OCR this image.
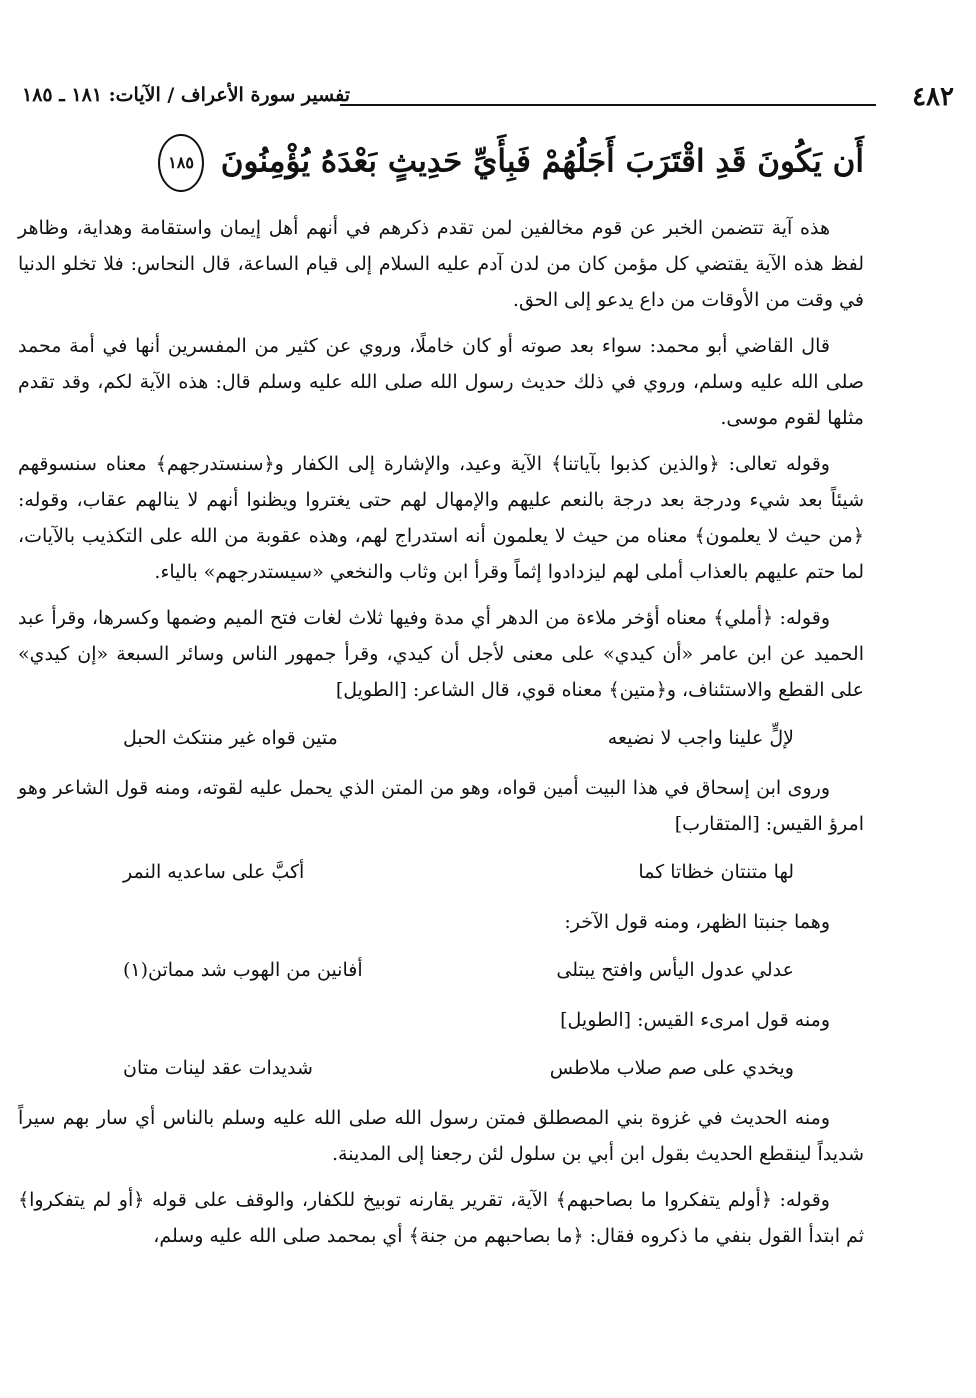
٤٨٢
تفسير سورة الأعراف / الآيات: ١٨١ ـ ١٨٥
أَن يَكُونَ قَدِ اقْتَرَبَ أَجَلُهُمْ فَبِأَيِّ حَدِيثٍ بَعْدَهُ يُؤْمِنُونَ ١٨٥

هذه آية تتضمن الخبر عن قوم مخالفين لمن تقدم ذكرهم في أنهم أهل إيمان واستقامة وهداية، وظاهر لفظ هذه الآية يقتضي كل مؤمن كان من لدن آدم عليه السلام إلى قيام الساعة، قال النحاس: فلا تخلو الدنيا في وقت من الأوقات من داع يدعو إلى الحق.

قال القاضي أبو محمد: سواء بعد صوته أو كان خاملًا، وروي عن كثير من المفسرين أنها في أمة محمد صلى الله عليه وسلم، وروي في ذلك حديث رسول الله صلى الله عليه وسلم قال: هذه الآية لكم، وقد تقدم مثلها لقوم موسى.

وقوله تعالى: ﴿والذين كذبوا بآياتنا﴾ الآية وعيد، والإشارة إلى الكفار و﴿سنستدرجهم﴾ معناه سنسوقهم شيئاً بعد شيء ودرجة بعد درجة بالنعم عليهم والإمهال لهم حتى يغتروا ويظنوا أنهم لا ينالهم عقاب، وقوله: ﴿من حيث لا يعلمون﴾ معناه من حيث لا يعلمون أنه استدراج لهم، وهذه عقوبة من الله على التكذيب بالآيات، لما حتم عليهم بالعذاب أملى لهم ليزدادوا إثماً وقرأ ابن وثاب والنخعي «سيستدرجهم» بالياء.

وقوله: ﴿أملي﴾ معناه أؤخر ملاءة من الدهر أي مدة وفيها ثلاث لغات فتح الميم وضمها وكسرها، وقرأ عبد الحميد عن ابن عامر «أن كيدي» على معنى لأجل أن كيدي، وقرأ جمهور الناس وسائر السبعة «إن كيدي» على القطع والاستئناف، و﴿متين﴾ معناه قوي، قال الشاعر: [الطويل]

لإلٍّ علينا واجب لا نضيعه
متين قواه غير منتكث الحبل

وروى ابن إسحاق في هذا البيت أمين قواه، وهو من المتن الذي يحمل عليه لقوته، ومنه قول الشاعر وهو امرؤ القيس: [المتقارب]

لها متنتان خظاتا كما
أكبَّ على ساعديه النمر

وهما جنبتا الظهر، ومنه قول الآخر:

عدلي عدول اليأس وافتح يبتلى
أفانين من الهوب شد مماتن(١)

ومنه قول امرىء القيس: [الطويل]

ويخدي على صم صلاب ملاطس
شديدات عقد لينات متان

ومنه الحديث في غزوة بني المصطلق فمتن رسول الله صلى الله عليه وسلم بالناس أي سار بهم سيراً شديداً لينقطع الحديث بقول ابن أبي بن سلول لئن رجعنا إلى المدينة.

وقوله: ﴿أولم يتفكروا ما بصاحبهم﴾ الآية، تقرير يقارنه توبيخ للكفار، والوقف على قوله ﴿أو لم يتفكروا﴾ ثم ابتدأ القول بنفي ما ذكروه فقال: ﴿ما بصاحبهم من جنة﴾ أي بمحمد صلى الله عليه وسلم،
